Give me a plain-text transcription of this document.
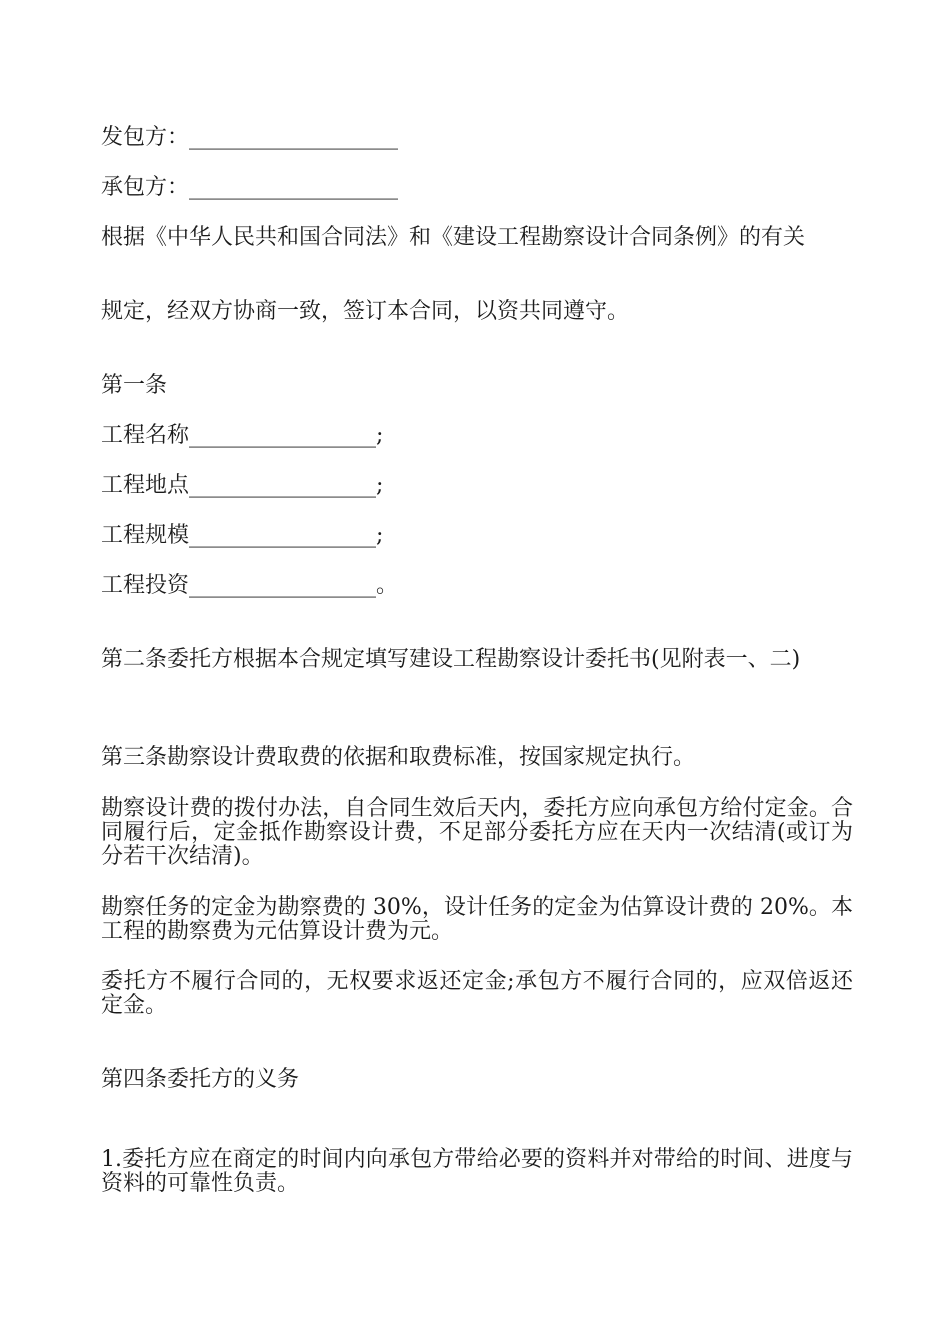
发包方：___________________
承包方：___________________
根据《中华人民共和国合同法》和《建设工程勘察设计合同条例》的有关
规定，经双方协商一致，签订本合同，以资共同遵守。
第一条
工程名称_________________;
工程地点_________________;
工程规模_________________;
工程投资_________________。
第二条委托方根据本合规定填写建设工程勘察设计委托书(见附表一、二)
第三条勘察设计费取费的依据和取费标准，按国家规定执行。
勘察设计费的拨付办法，自合同生效后天内，委托方应向承包方给付定金。合同履行后，定金抵作勘察设计费，不足部分委托方应在天内一次结清(或订为分若干次结清)。
勘察任务的定金为勘察费的 30%，设计任务的定金为估算设计费的 20%。本工程的勘察费为元估算设计费为元。
委托方不履行合同的，无权要求返还定金;承包方不履行合同的，应双倍返还定金。
第四条委托方的义务
1.委托方应在商定的时间内向承包方带给必要的资料并对带给的时间、进度与资料的可靠性负责。
